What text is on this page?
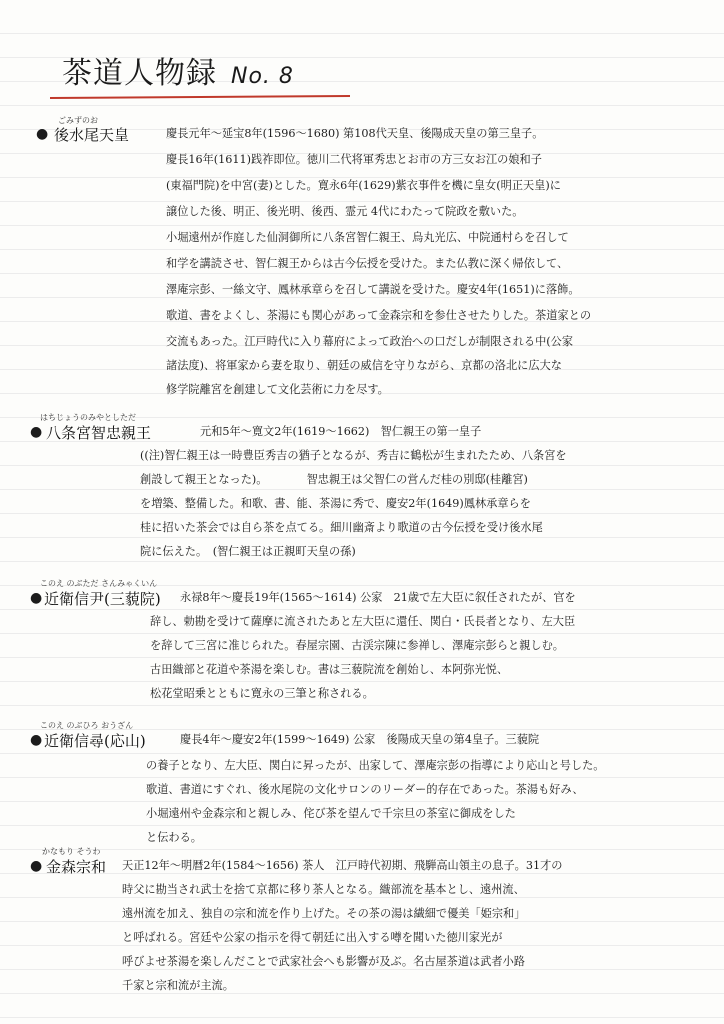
茶道人物録 No. 8
ごみずのお
● 後水尾天皇	慶長元年～延宝8年(1596～1680) 第108代天皇、後陽成天皇の第三皇子。
慶長16年(1611)践祚即位。徳川二代将軍秀忠とお市の方三女お江の娘和子
(東福門院)を中宮(妻)とした。寛永6年(1629)紫衣事件を機に皇女(明正天皇)に
譲位した後、明正、後光明、後西、霊元 4代にわたって院政を敷いた。
小堀遠州が作庭した仙洞御所に八条宮智仁親王、烏丸光広、中院通村らを召して
和学を講読させ、智仁親王からは古今伝授を受けた。また仏教に深く帰依して、
澤庵宗彭、一絲文守、鳳林承章らを召して講説を受けた。慶安4年(1651)に落飾。
歌道、書をよくし、茶湯にも関心があって金森宗和を参仕させたりした。茶道家との
交流もあった。江戸時代に入り幕府によって政治への口だしが制限される中(公家
諸法度)、将軍家から妻を取り、朝廷の威信を守りながら、京都の洛北に広大な
修学院離宮を創建して文化芸術に力を尽す。
はちじょうのみやとしただ
● 八条宮智忠親王	元和5年～寛文2年(1619～1662)　智仁親王の第一皇子
((注)智仁親王は一時豊臣秀吉の猶子となるが、秀吉に鶴松が生まれたため、八条宮を
創設して親王となった)。　　　　智忠親王は父智仁の営んだ桂の別邸(桂離宮)
を増築、整備した。和歌、書、能、茶湯に秀で、慶安2年(1649)鳳林承章らを
桂に招いた茶会では自ら茶を点てる。細川幽斎より歌道の古今伝授を受け後水尾
院に伝えた。　(智仁親王は正親町天皇の孫)
このえ のぶただ さんみゃくいん
● 近衛信尹(三藐院) 永禄8年～慶長19年(1565～1614) 公家　21歳で左大臣に叙任されたが、官を
辞し、勅勘を受けて薩摩に流されたあと左大臣に還任、関白・氏長者となり、左大臣
を辞して三宮に准じられた。春屋宗園、古渓宗陳に参禅し、澤庵宗彭らと親しむ。
古田織部と花道や茶湯を楽しむ。書は三藐院流を創始し、本阿弥光悦、
松花堂昭乗とともに寛永の三筆と称される。
このえ のぶひろ おうざん
● 近衛信尋(応山)	慶長4年～慶安2年(1599～1649) 公家　後陽成天皇の第4皇子。三藐院
の養子となり、左大臣、関白に昇ったが、出家して、澤庵宗彭の指導により応山と号した。
歌道、書道にすぐれ、後水尾院の文化サロンのリーダー的存在であった。茶湯も好み、
小堀遠州や金森宗和と親しみ、侘び茶を望んで千宗旦の茶室に御成をした
と伝わる。
かなもり そうわ
● 金森宗和 天正12年～明暦2年(1584～1656) 茶人　江戸時代初期、飛騨高山領主の息子。31才の
時父に勘当され武士を捨て京都に移り茶人となる。織部流を基本とし、遠州流、
遠州流を加え、独自の宗和流を作り上げた。その茶の湯は繊細で優美「姫宗和」
と呼ばれる。宮廷や公家の指示を得て朝廷に出入する噂を聞いた徳川家光が
呼びよせ茶湯を楽しんだことで武家社会へも影響が及ぶ。名古屋茶道は武者小路
千家と宗和流が主流。
